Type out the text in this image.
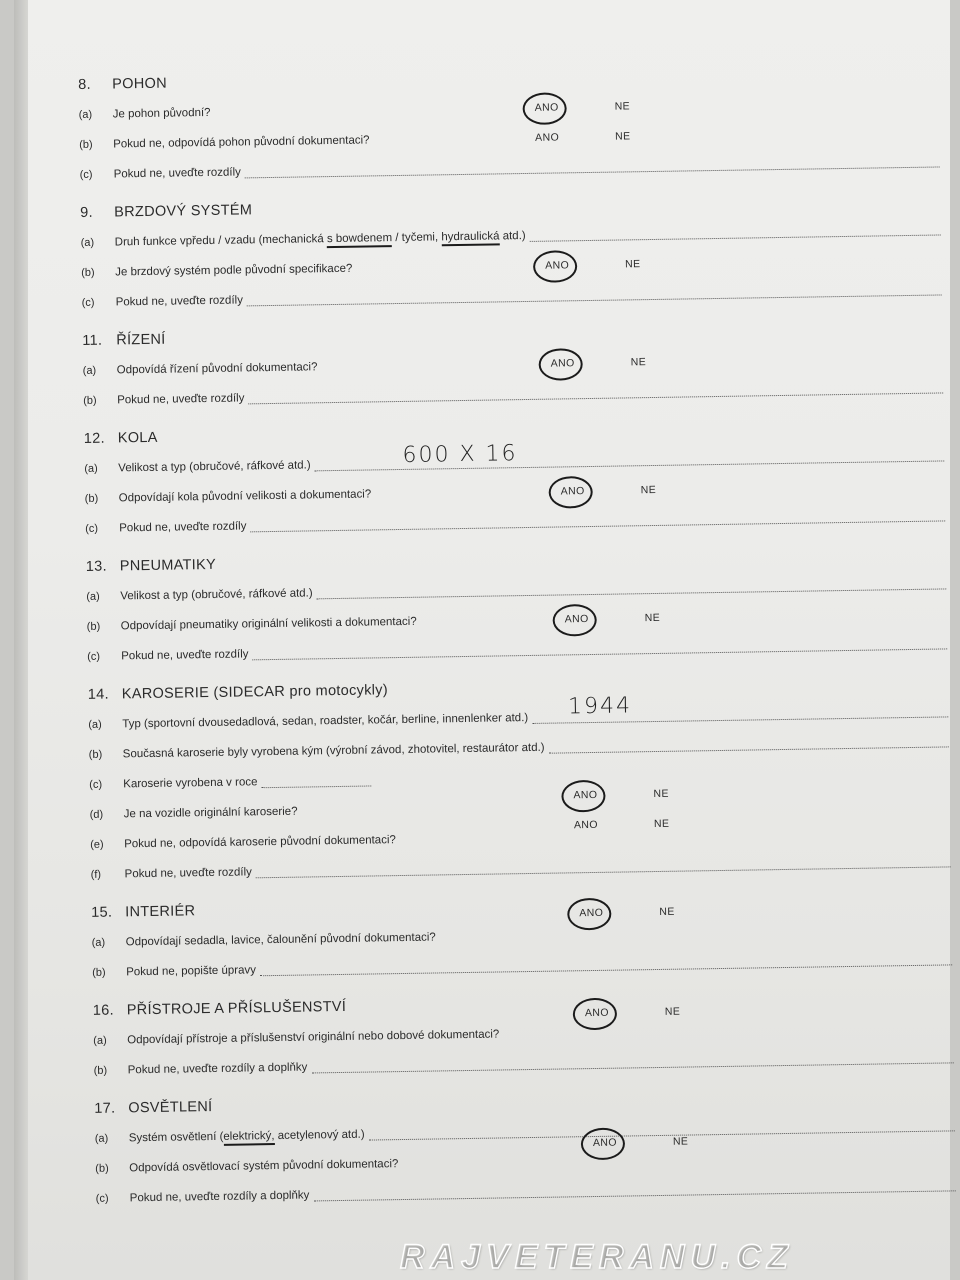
8.	POHON
(a)	Je pohon původní?	ANO	NE
(b)	Pokud ne, odpovídá pohon původní dokumentaci?	ANO	NE
(c)	Pokud ne, uveďte rozdíly
9.	BRZDOVÝ SYSTÉM
(a)	Druh funkce vpředu / vzadu (mechanická s bowdenem / tyčemi, hydraulická atd.)
(b)	Je brzdový systém podle původní specifikace?	ANO	NE
(c)	Pokud ne, uveďte rozdíly
11. ŘÍZENÍ
(a)	Odpovídá řízení původní dokumentaci?	ANO	NE
(b)	Pokud ne, uveďte rozdíly
12. KOLA
(a)	Velikost a typ (obručové, ráfkové atd.)	600 X 16
(b)	Odpovídají kola původní velikosti a dokumentaci?	ANO	NE
(c)	Pokud ne, uveďte rozdíly
13. PNEUMATIKY
(a)	Velikost a typ (obručové, ráfkové atd.)
(b)	Odpovídají pneumatiky originální velikosti a dokumentaci?	ANO	NE
(c)	Pokud ne, uveďte rozdíly
14. KAROSERIE (SIDECAR pro motocykly)
(a)	Typ (sportovní dvousedadlová, sedan, roadster, kočár, berline, innenlenker atd.)
1944
(b)	Současná karoserie byly vyrobena kým (výrobní závod, zhotovitel, restaurátor atd.)
(c)	Karoserie vyrobena v roce
(d)	Je na vozidle originální karoserie?
ANO	NE
(e)	Pokud ne, odpovídá karoserie původní dokumentaci?
ANO	NE
(f)	Pokud ne, uveďte rozdíly
15. INTERIÉR
(a)	Odpovídají sedadla, lavice, čalounění původní dokumentaci?
ANO	NE
(b)	Pokud ne, popište úpravy
16. PŘÍSTROJE A PŘÍSLUŠENSTVÍ
(a)	Odpovídají přístroje a příslušenství originální nebo dobové dokumentaci?
ANO	NE
(b)	Pokud ne, uveďte rozdíly a doplňky
17. OSVĚTLENÍ
(a)	Systém osvětlení (elektrický, acetylenový atd.)
(b)	Odpovídá osvětlovací systém původní dokumentaci?
ANO	NE
(c)	Pokud ne, uveďte rozdíly a doplňky
RAJVETERANU.CZ
